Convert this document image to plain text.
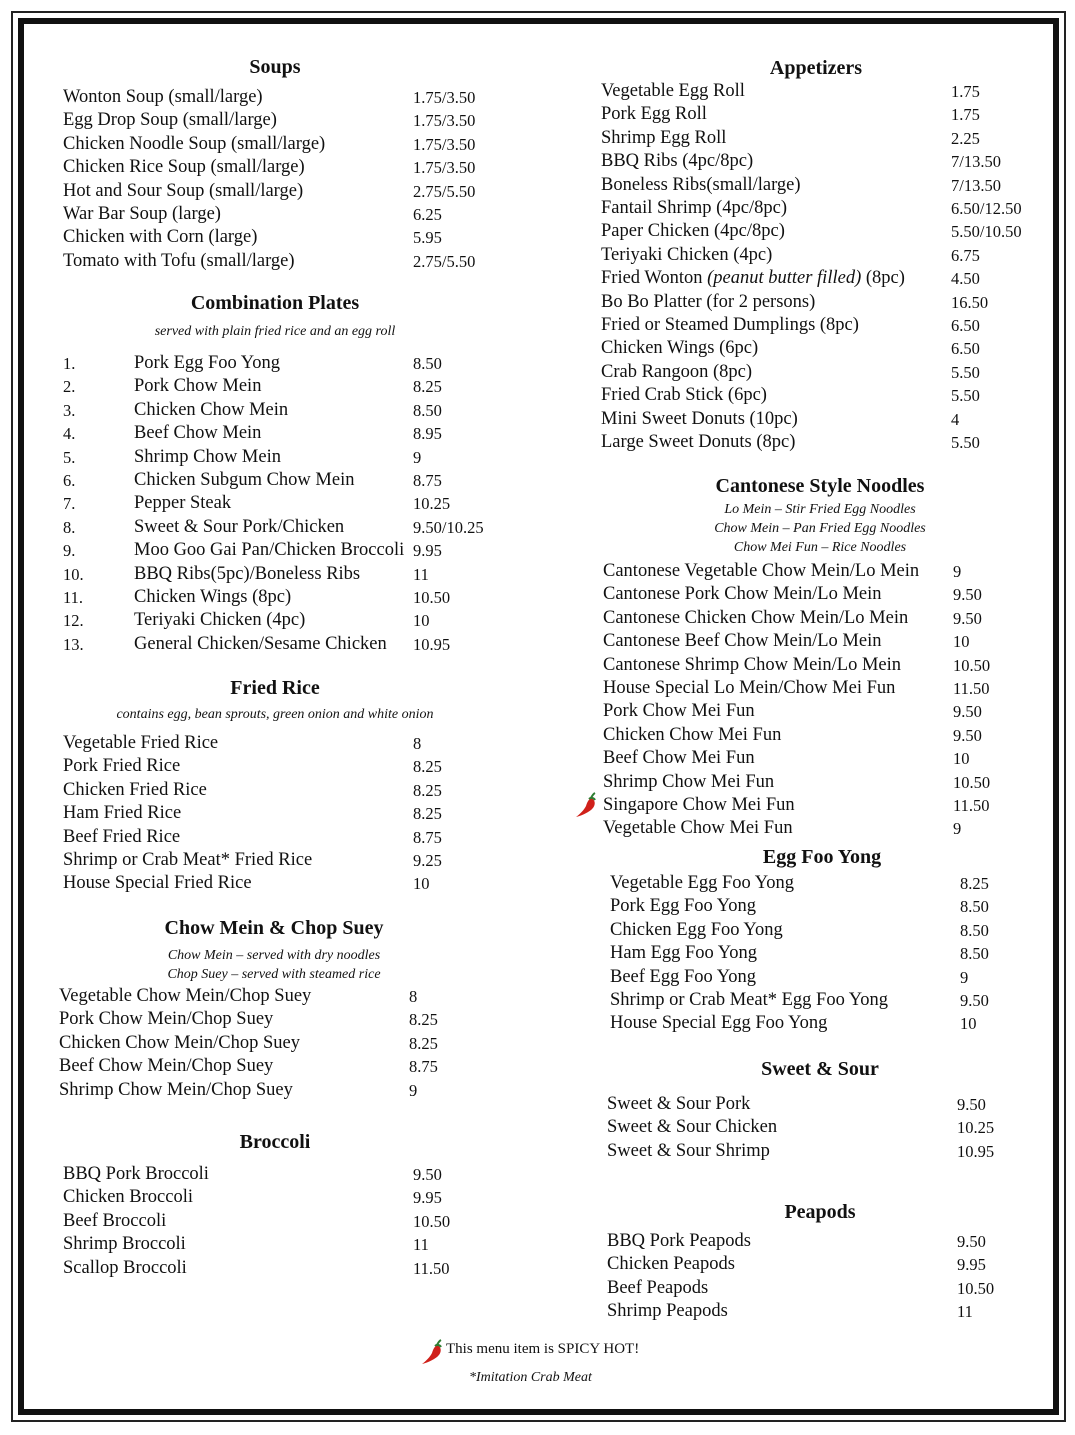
Soups
Wonton Soup (small/large)	1.75/3.50
Egg Drop Soup (small/large)	1.75/3.50
Chicken Noodle Soup (small/large)	1.75/3.50
Chicken Rice Soup (small/large)	1.75/3.50
Hot and Sour Soup (small/large)	2.75/5.50
War Bar Soup (large)	6.25
Chicken with Corn (large)	5.95
Tomato with Tofu (small/large)	2.75/5.50
Combination Plates
served with plain fried rice and an egg roll
1.	Pork Egg Foo Yong	8.50
2.	Pork Chow Mein	8.25
3.	Chicken Chow Mein	8.50
4.	Beef Chow Mein	8.95
5.	Shrimp Chow Mein	9
6.	Chicken Subgum Chow Mein	8.75
7.	Pepper Steak	10.25
8.	Sweet & Sour Pork/Chicken	9.50/10.25
9.	Moo Goo Gai Pan/Chicken Broccoli 9.95
10.	BBQ Ribs(5pc)/Boneless Ribs	11
11.	Chicken Wings (8pc)	10.50
12.	Teriyaki Chicken (4pc)	10
13.	General Chicken/Sesame Chicken 10.95
Fried Rice
contains egg, bean sprouts, green onion and white onion
Vegetable Fried Rice	8
Pork Fried Rice	8.25
Chicken Fried Rice	8.25
Ham Fried Rice	8.25
Beef Fried Rice	8.75
Shrimp or Crab Meat* Fried Rice	9.25
House Special Fried Rice	10
Chow Mein & Chop Suey
Chow Mein – served with dry noodles
Chop Suey – served with steamed rice
Vegetable Chow Mein/Chop Suey	8
Pork Chow Mein/Chop Suey	8.25
Chicken Chow Mein/Chop Suey	8.25
Beef Chow Mein/Chop Suey	8.75
Shrimp Chow Mein/Chop Suey	9
Broccoli
BBQ Pork Broccoli	9.50
Chicken Broccoli	9.95
Beef Broccoli	10.50
Shrimp Broccoli	11
Scallop Broccoli	11.50
Appetizers
Vegetable Egg Roll	1.75
Pork Egg Roll	1.75
Shrimp Egg Roll	2.25
BBQ Ribs (4pc/8pc)	7/13.50
Boneless Ribs(small/large)	7/13.50
Fantail Shrimp (4pc/8pc)	6.50/12.50
Paper Chicken (4pc/8pc)	5.50/10.50
Teriyaki Chicken (4pc)	6.75
Fried Wonton (peanut butter filled) (8pc)	4.50
Bo Bo Platter (for 2 persons)	16.50
Fried or Steamed Dumplings (8pc)	6.50
Chicken Wings (6pc)	6.50
Crab Rangoon (8pc)	5.50
Fried Crab Stick (6pc)	5.50
Mini Sweet Donuts (10pc)	4
Large Sweet Donuts (8pc)	5.50
Cantonese Style Noodles
Lo Mein – Stir Fried Egg Noodles
Chow Mein – Pan Fried Egg Noodles
Chow Mei Fun – Rice Noodles
Cantonese Vegetable Chow Mein/Lo Mein 9
Cantonese Pork Chow Mein/Lo Mein	9.50
Cantonese Chicken Chow Mein/Lo Mein	9.50
Cantonese Beef Chow Mein/Lo Mein	10
Cantonese Shrimp Chow Mein/Lo Mein	10.50
House Special Lo Mein/Chow Mei Fun	11.50
Pork Chow Mei Fun	9.50
Chicken Chow Mei Fun	9.50
Beef Chow Mei Fun	10
Shrimp Chow Mei Fun	10.50
Singapore Chow Mei Fun	11.50
Vegetable Chow Mei Fun	9
Egg Foo Yong
Vegetable Egg Foo Yong	8.25
Pork Egg Foo Yong	8.50
Chicken Egg Foo Yong	8.50
Ham Egg Foo Yong	8.50
Beef Egg Foo Yong	9
Shrimp or Crab Meat* Egg Foo Yong	9.50
House Special Egg Foo Yong	10
Sweet & Sour
Sweet & Sour Pork	9.50
Sweet & Sour Chicken	10.25
Sweet & Sour Shrimp	10.95
Peapods
BBQ Pork Peapods	9.50
Chicken Peapods	9.95
Beef Peapods	10.50
Shrimp Peapods	11
This menu item is SPICY HOT!
*Imitation Crab Meat
